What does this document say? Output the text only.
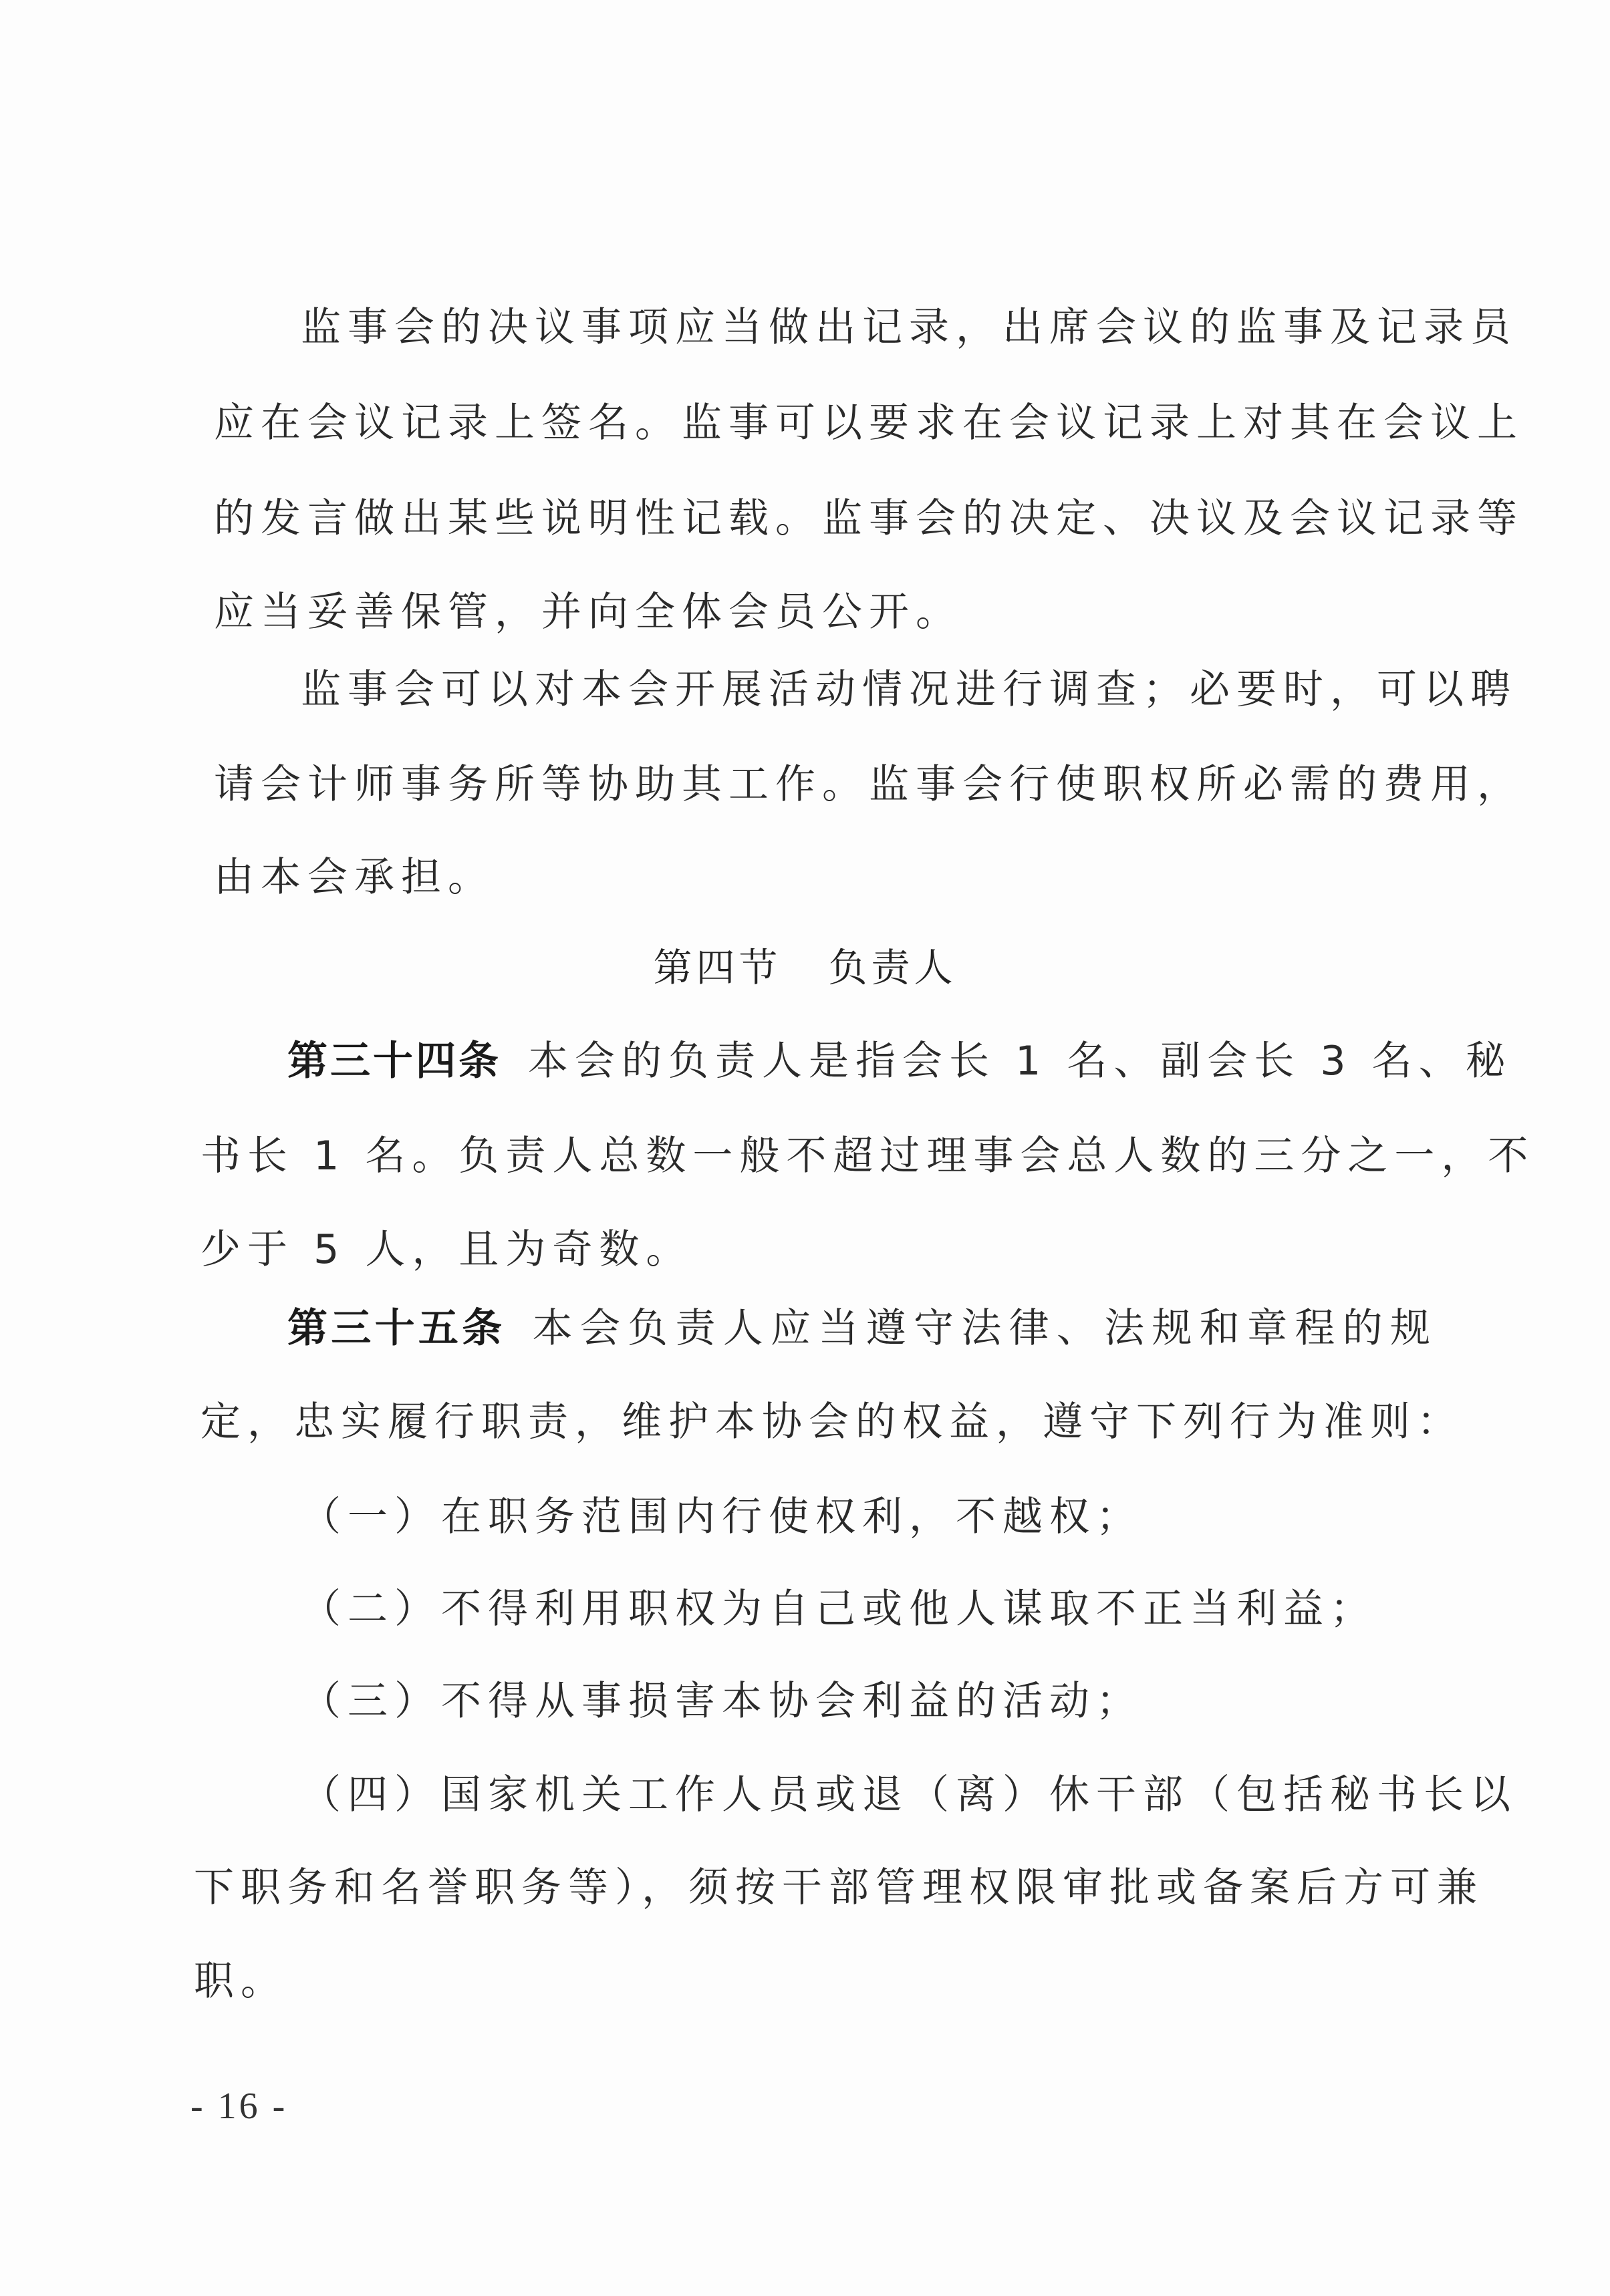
监事会的决议事项应当做出记录，出席会议的监事及记录员
应在会议记录上签名。监事可以要求在会议记录上对其在会议上
的发言做出某些说明性记载。监事会的决定、决议及会议记录等
应当妥善保管，并向全体会员公开。
监事会可以对本会开展活动情况进行调查；必要时，可以聘
请会计师事务所等协助其工作。监事会行使职权所必需的费用，
由本会承担。
第四节 负责人
第三十四条 本会的负责人是指会长 1 名、副会长 3 名、秘
书长 1 名。负责人总数一般不超过理事会总人数的三分之一，不
少于 5 人，且为奇数。
第三十五条 本会负责人应当遵守法律、法规和章程的规
定，忠实履行职责，维护本协会的权益，遵守下列行为准则：
（一）在职务范围内行使权利，不越权；
（二）不得利用职权为自己或他人谋取不正当利益；
（三）不得从事损害本协会利益的活动；
（四）国家机关工作人员或退（离）休干部（包括秘书长以
下职务和名誉职务等），须按干部管理权限审批或备案后方可兼
职。
- 16 -
